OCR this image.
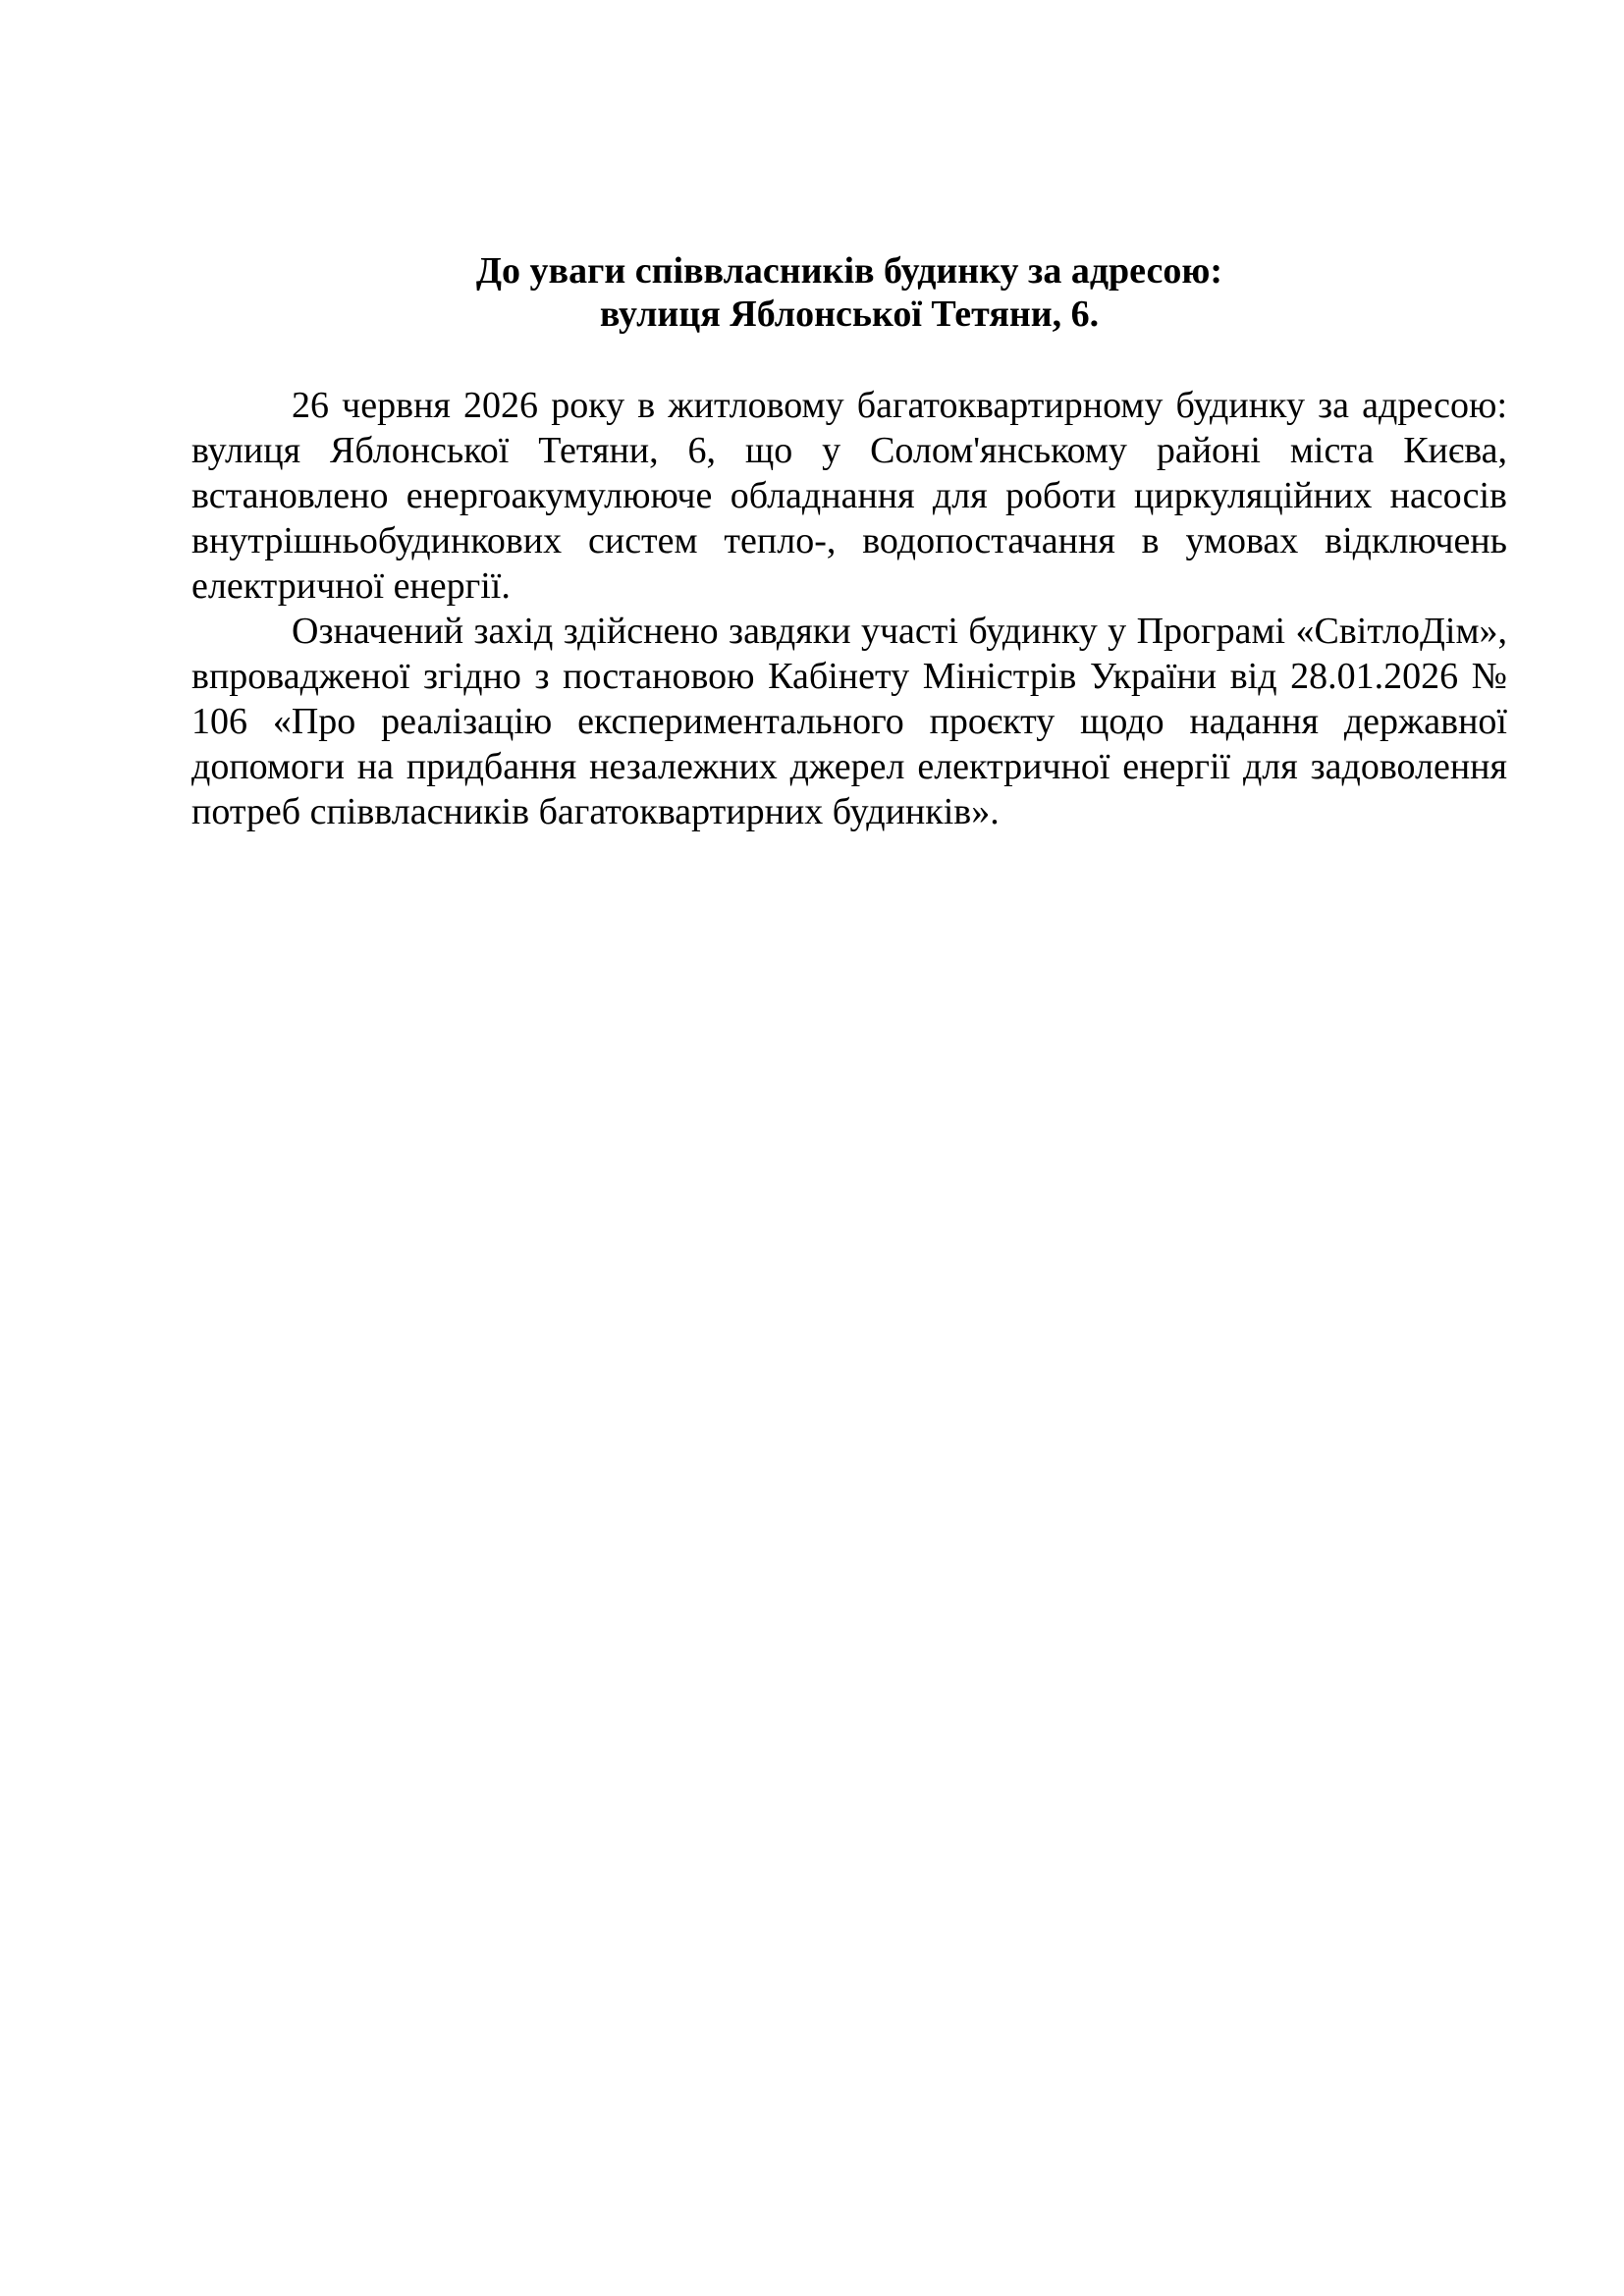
До уваги співвласників будинку за адресою:
вулиця Яблонської Тетяни, 6.

26 червня 2026 року в житловому багатоквартирному будинку за адресою: вулиця Яблонської Тетяни, 6, що у Солом'янському районі міста Києва, встановлено енергоакумулююче обладнання для роботи циркуляційних насосів внутрішньобудинкових систем тепло-, водопостачання в умовах відключень електричної енергії.

Означений захід здійснено завдяки участі будинку у Програмі «СвітлоДім», впровадженої згідно з постановою Кабінету Міністрів України від 28.01.2026 № 106 «Про реалізацію експериментального проєкту щодо надання державної допомоги на придбання незалежних джерел електричної енергії для задоволення потреб співвласників багатоквартирних будинків».
